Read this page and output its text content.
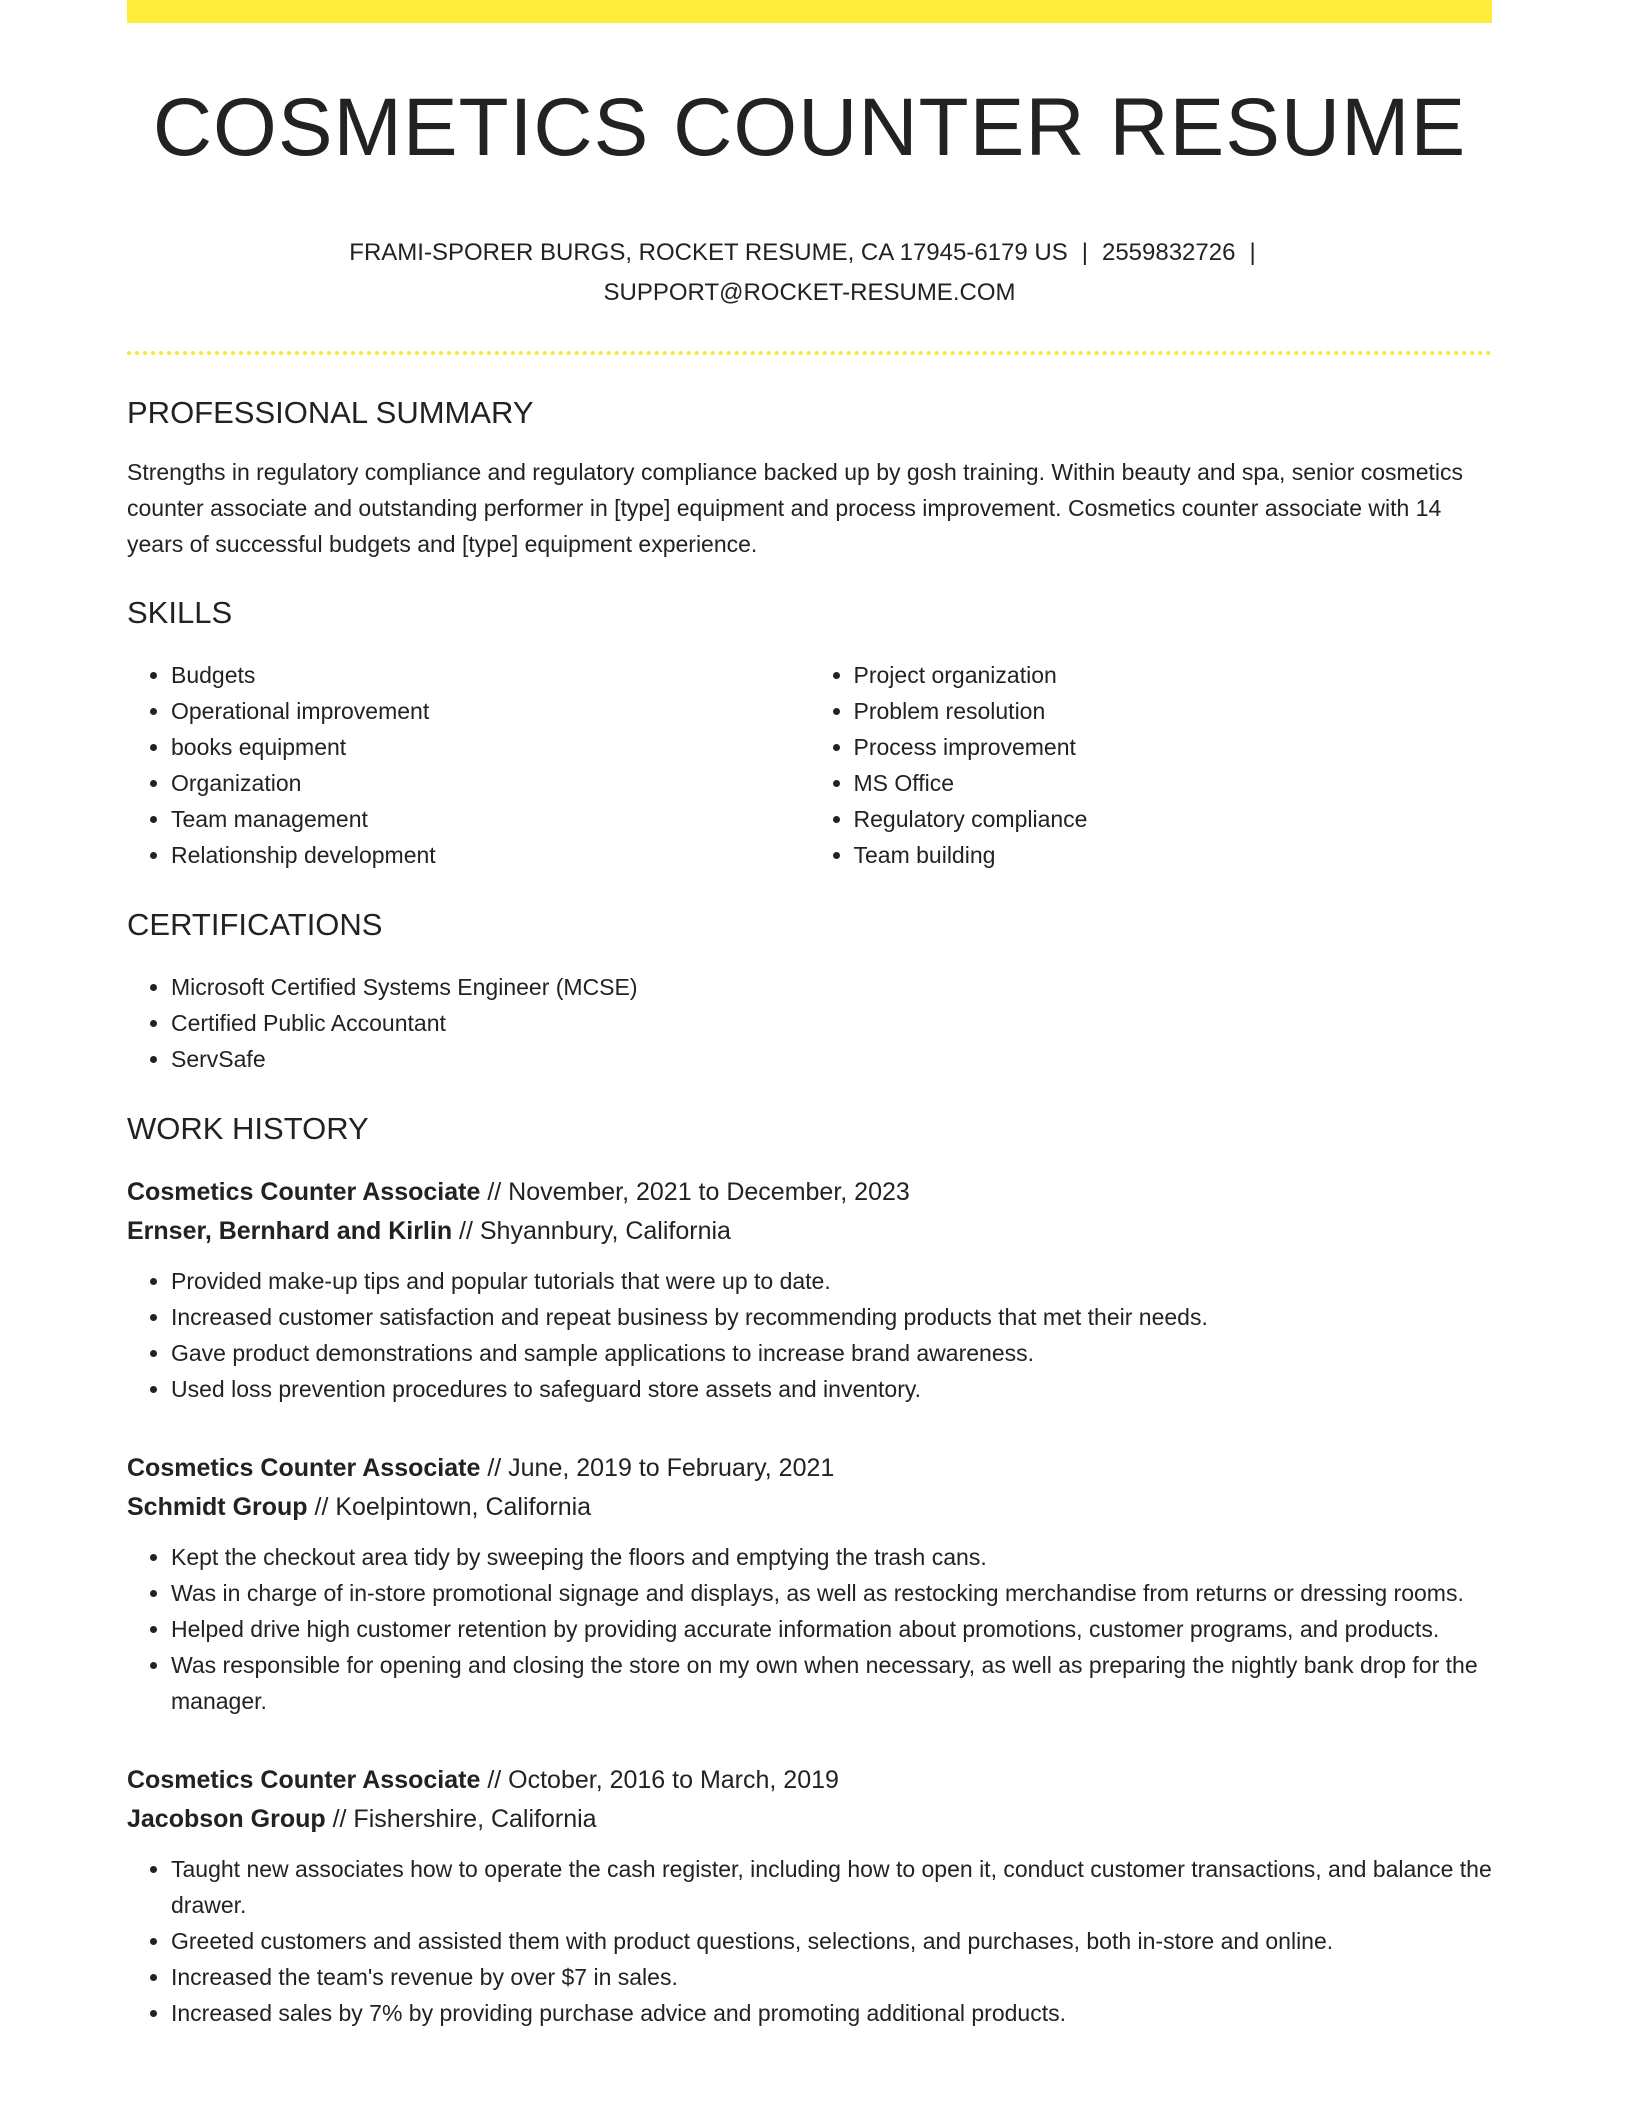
COSMETICS COUNTER RESUME
FRAMI-SPORER BURGS, ROCKET RESUME, CA 17945-6179 US | 2559832726 |
SUPPORT@ROCKET-RESUME.COM
PROFESSIONAL SUMMARY

Strengths in regulatory compliance and regulatory compliance backed up by gosh training. Within beauty and spa, senior cosmetics counter associate and outstanding performer in [type] equipment and process improvement. Cosmetics counter associate with 14 years of successful budgets and [type] equipment experience.

SKILLS
• Budgets
• Operational improvement
• books equipment
• Organization
• Team management
• Relationship development
• Project organization
• Problem resolution
• Process improvement
• MS Office
• Regulatory compliance
• Team building
CERTIFICATIONS
• Microsoft Certified Systems Engineer (MCSE)
• Certified Public Accountant
• ServSafe
WORK HISTORY
Cosmetics Counter Associate // November, 2021 to December, 2023
Ernser, Bernhard and Kirlin // Shyannbury, California
• Provided make-up tips and popular tutorials that were up to date.
• Increased customer satisfaction and repeat business by recommending products that met their needs.
• Gave product demonstrations and sample applications to increase brand awareness.
• Used loss prevention procedures to safeguard store assets and inventory.
Cosmetics Counter Associate // June, 2019 to February, 2021
Schmidt Group // Koelpintown, California
• Kept the checkout area tidy by sweeping the floors and emptying the trash cans.
• Was in charge of in-store promotional signage and displays, as well as restocking merchandise from returns or dressing rooms.
• Helped drive high customer retention by providing accurate information about promotions, customer programs, and products.
• Was responsible for opening and closing the store on my own when necessary, as well as preparing the nightly bank drop for the manager.
Cosmetics Counter Associate // October, 2016 to March, 2019
Jacobson Group // Fishershire, California
• Taught new associates how to operate the cash register, including how to open it, conduct customer transactions, and balance the drawer.
• Greeted customers and assisted them with product questions, selections, and purchases, both in-store and online.
• Increased the team's revenue by over $7 in sales.
• Increased sales by 7% by providing purchase advice and promoting additional products.
